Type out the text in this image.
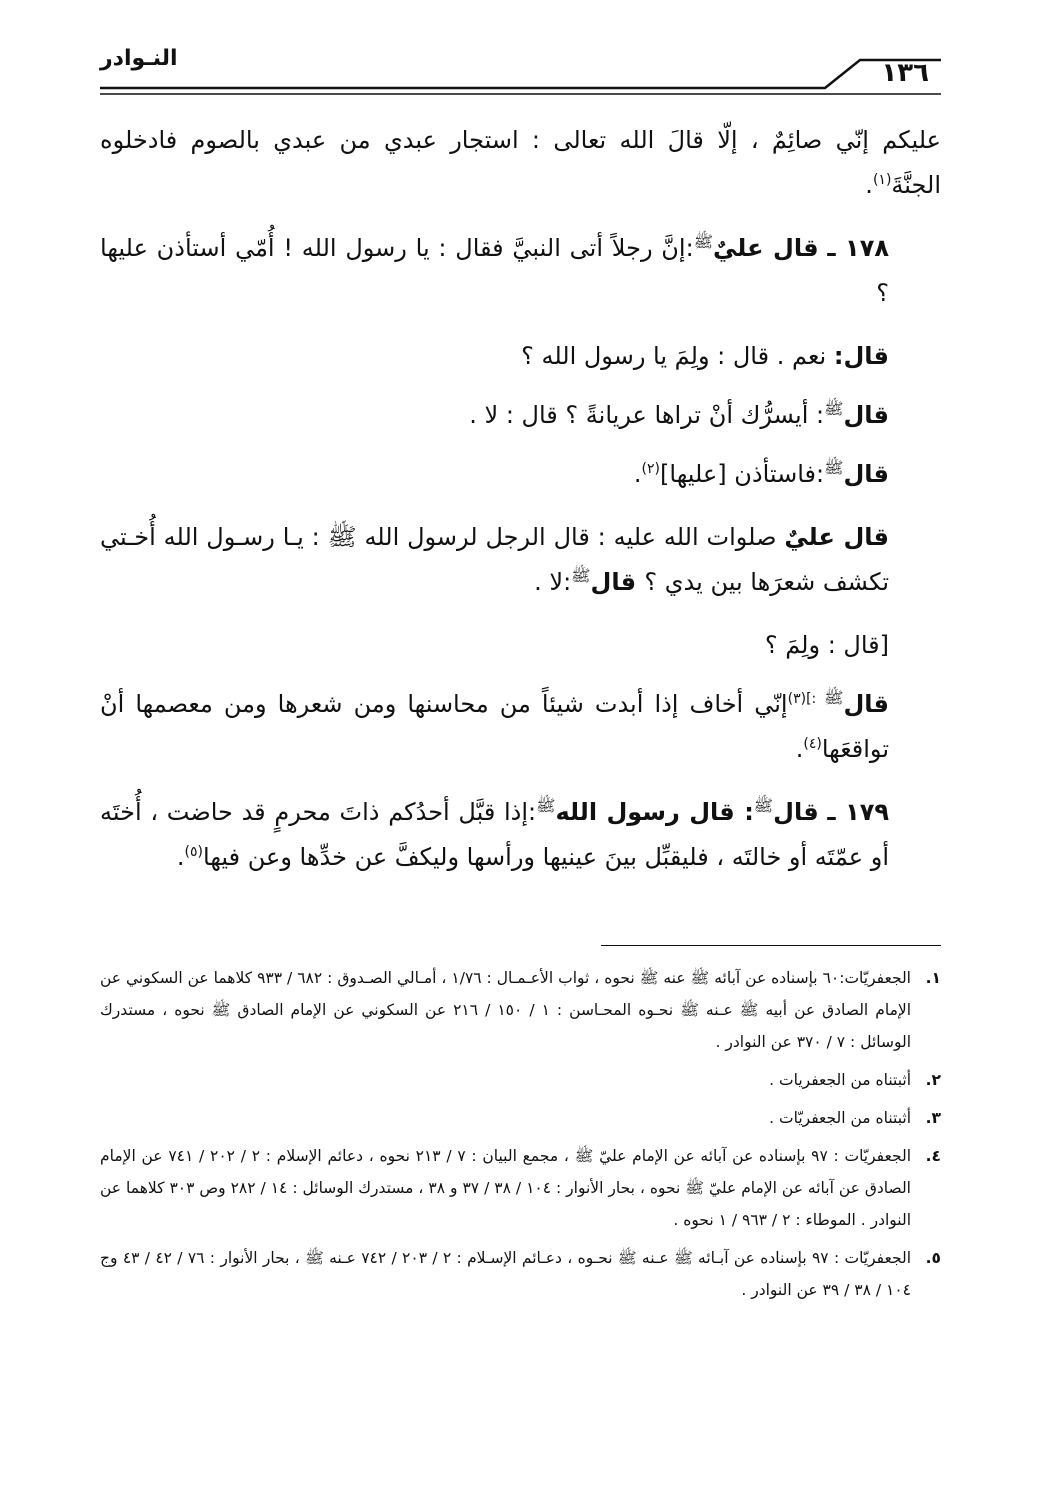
النـوادر	١٣٦

عليكم إنّي صائِمٌ ، إلّا قالَ الله تعالى : استجار عبدي من عبدي بالصوم فادخلوه الجنَّةَ$^{(١)}$.

١٧٨ ـ قال عليٌ$^ﷺ$:إنَّ رجلاً أتى النبيَّ فقال : يا رسول الله ! أُمّي أستأذن عليها ؟

قال: نعم . قال : ولِمَ يا رسول الله ؟

قال$^ﷺ$: أيسرُّك أنْ تراها عريانةً ؟ قال : لا .

قال$^ﷺ$:فاستأذن [عليها]$^{(٢)}$.

قال عليٌ صلوات الله عليه : قال الرجل لرسول الله ﷺ : يـا رسـول الله أُخـتي تكشف شعرَها بين يدي ؟ قال$^ﷺ$:لا .

[قال : ولِمَ ؟

قال$^ﷺ$ $^{:](٣)}$إنّي أخاف إذا أبدت شيئاً من محاسنها ومن شعرها ومن معصمها أنْ تواقعَها$^{(٤)}$.

١٧٩ ـ قال$^ﷺ$: قال رسول الله$^ﷺ$:إذا قبَّل أحدُكم ذاتَ محرمٍ قد حاضت ، أُختَه أو عمّتَه أو خالتَه ، فليقبِّل بينَ عينيها ورأسها وليكفَّ عن خدِّها وعن فيها$^{(٥)}$.

١.
الجعفريّات:٦٠ بإسناده عن آبائه ﷺ عنه ﷺ نحوه ، ثواب الأعـمـال : ١/٧٦ ، أمـالي الصـدوق : ٦٨٢ / ٩٣٣ كلاهما عن السكوني عن الإمام الصادق عن أبيه ﷺ عـنه ﷺ نحـوه المحـاسن : ١ / ١٥٠ / ٢١٦ عن السكوني عن الإمام الصادق ﷺ نحوه ، مستدرك الوسائل : ٧ / ٣٧٠ عن النوادر .
٢.
أثبتناه من الجعفريات .
٣.
أثبتناه من الجعفريّات .
٤.
الجعفريّات : ٩٧ بإسناده عن آبائه عن الإمام عليّ ﷺ ، مجمع البيان : ٧ / ٢١٣ نحوه ، دعائم الإسلام : ٢ / ٢٠٢ / ٧٤١ عن الإمام الصادق عن آبائه عن الإمام عليّ ﷺ نحوه ، بحار الأنوار : ١٠٤ / ٣٨ / ٣٧ و ٣٨ ، مستدرك الوسائل : ١٤ / ٢٨٢ وص ٣٠٣ كلاهما عن النوادر . الموطاء : ٢ / ٩٦٣ / ١ نحوه .
٥.
الجعفريّات : ٩٧ بإسناده عن آبـائه ﷺ عـنه ﷺ نحـوه ، دعـائم الإسـلام : ٢ / ٢٠٣ / ٧٤٢ عـنه ﷺ ، بحار الأنوار : ٧٦ / ٤٢ / ٤٣ وج ١٠٤ / ٣٨ / ٣٩ عن النوادر .
